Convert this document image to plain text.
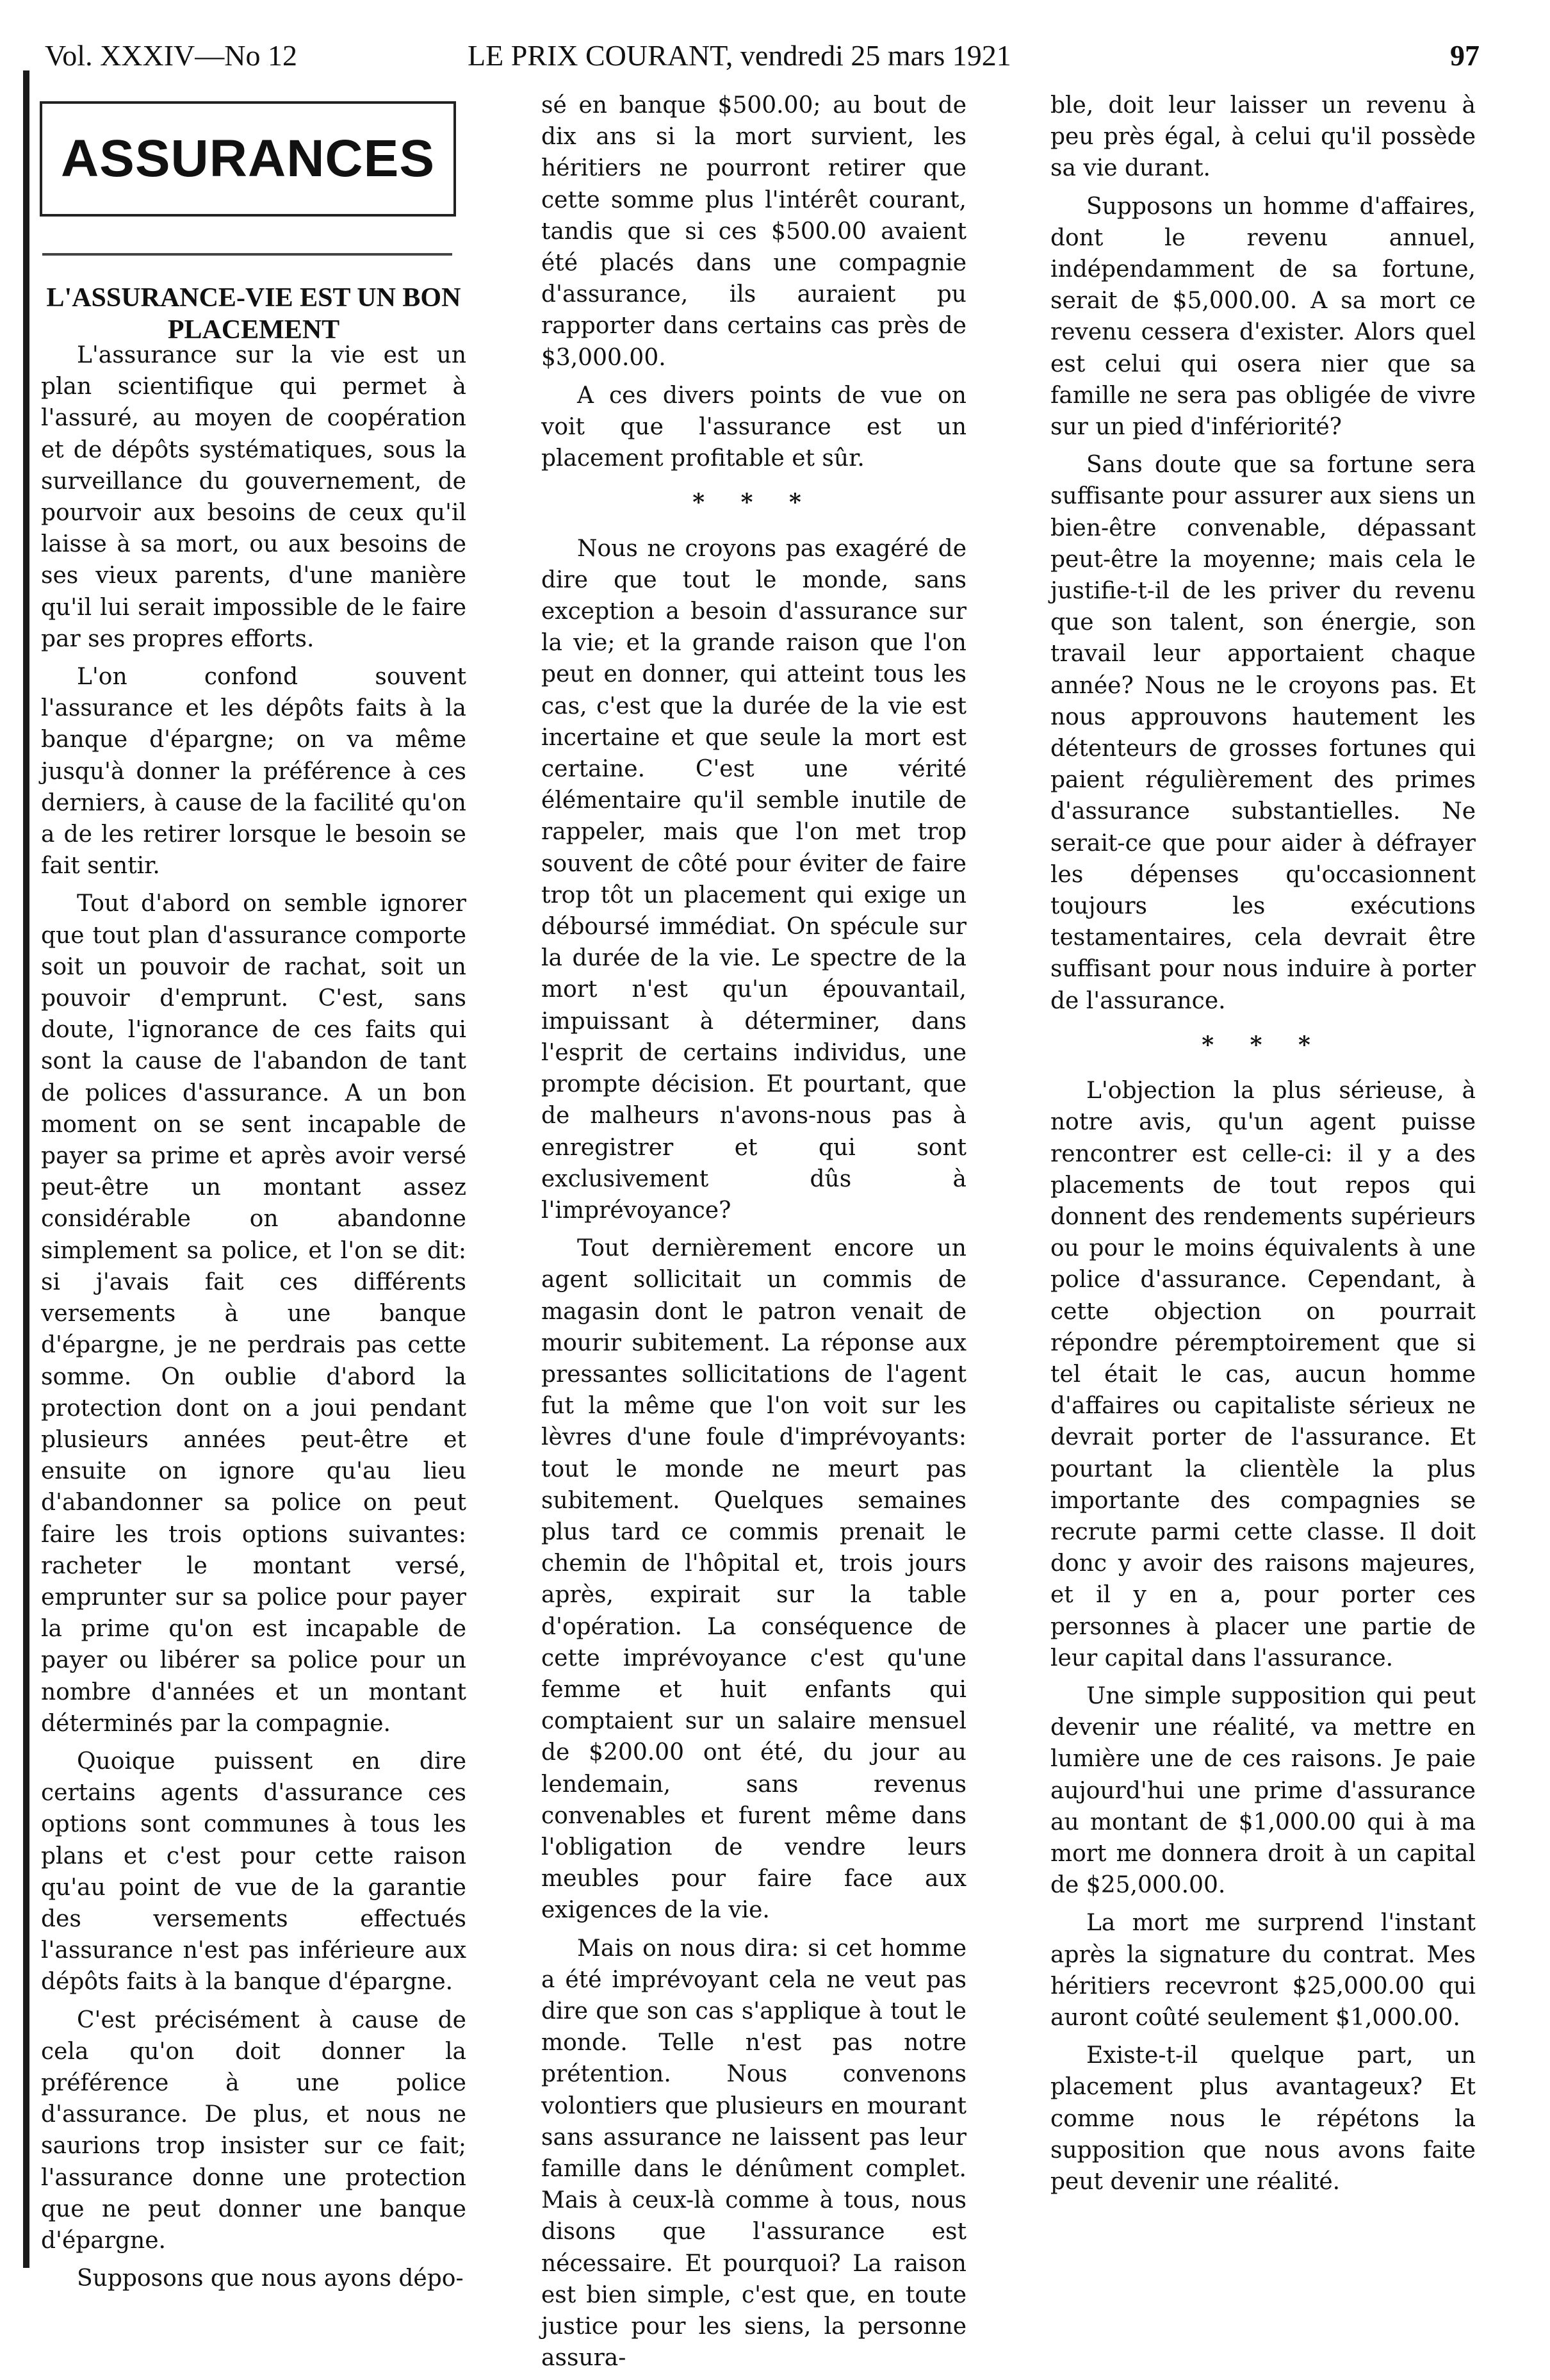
Vol. XXXIV—No 12	LE PRIX COURANT, vendredi 25 mars 1921	97
ASSURANCES
L'ASSURANCE-VIE EST UN BON PLACEMENT

L'assurance sur la vie est un plan scientifique qui permet à l'assuré, au moyen de coopération et de dépôts systématiques, sous la surveillance du gouvernement, de pourvoir aux besoins de ceux qu'il laisse à sa mort, ou aux besoins de ses vieux parents, d'une manière qu'il lui serait impossible de le faire par ses propres efforts.

L'on confond souvent l'assurance et les dépôts faits à la banque d'épargne; on va même jusqu'à donner la préférence à ces derniers, à cause de la facilité qu'on a de les retirer lorsque le besoin se fait sentir.

Tout d'abord on semble ignorer que tout plan d'assurance comporte soit un pouvoir de rachat, soit un pouvoir d'emprunt. C'est, sans doute, l'ignorance de ces faits qui sont la cause de l'abandon de tant de polices d'assurance. A un bon moment on se sent incapable de payer sa prime et après avoir versé peut-être un montant assez considérable on abandonne simplement sa police, et l'on se dit: si j'avais fait ces différents versements à une banque d'épargne, je ne perdrais pas cette somme. On oublie d'abord la protection dont on a joui pendant plusieurs années peut-être et ensuite on ignore qu'au lieu d'abandonner sa police on peut faire les trois options suivantes: racheter le montant versé, emprunter sur sa police pour payer la prime qu'on est incapable de payer ou libérer sa police pour un nombre d'années et un montant déterminés par la compagnie.

Quoique puissent en dire certains agents d'assurance ces options sont communes à tous les plans et c'est pour cette raison qu'au point de vue de la garantie des versements effectués l'assurance n'est pas inférieure aux dépôts faits à la banque d'épargne.

C'est précisément à cause de cela qu'on doit donner la préférence à une police d'assurance. De plus, et nous ne saurions trop insister sur ce fait; l'assurance donne une protection que ne peut donner une banque d'épargne.

Supposons que nous ayons dépo-

sé en banque $500.00; au bout de dix ans si la mort survient, les héritiers ne pourront retirer que cette somme plus l'intérêt courant, tandis que si ces $500.00 avaient été placés dans une compagnie d'assurance, ils auraient pu rapporter dans certains cas près de $3,000.00.

A ces divers points de vue on voit que l'assurance est un placement profitable et sûr.

* * *

Nous ne croyons pas exagéré de dire que tout le monde, sans exception a besoin d'assurance sur la vie; et la grande raison que l'on peut en donner, qui atteint tous les cas, c'est que la durée de la vie est incertaine et que seule la mort est certaine. C'est une vérité élémentaire qu'il semble inutile de rappeler, mais que l'on met trop souvent de côté pour éviter de faire trop tôt un placement qui exige un déboursé immédiat. On spécule sur la durée de la vie. Le spectre de la mort n'est qu'un épouvantail, impuissant à déterminer, dans l'esprit de certains individus, une prompte décision. Et pourtant, que de malheurs n'avons-nous pas à enregistrer et qui sont exclusivement dûs à l'imprévoyance?

Tout dernièrement encore un agent sollicitait un commis de magasin dont le patron venait de mourir subitement. La réponse aux pressantes sollicitations de l'agent fut la même que l'on voit sur les lèvres d'une foule d'imprévoyants: tout le monde ne meurt pas subitement. Quelques semaines plus tard ce commis prenait le chemin de l'hôpital et, trois jours après, expirait sur la table d'opération. La conséquence de cette imprévoyance c'est qu'une femme et huit enfants qui comptaient sur un salaire mensuel de $200.00 ont été, du jour au lendemain, sans revenus convenables et furent même dans l'obligation de vendre leurs meubles pour faire face aux exigences de la vie.

Mais on nous dira: si cet homme a été imprévoyant cela ne veut pas dire que son cas s'applique à tout le monde. Telle n'est pas notre prétention. Nous convenons volontiers que plusieurs en mourant sans assurance ne laissent pas leur famille dans le dénûment complet. Mais à ceux-là comme à tous, nous disons que l'assurance est nécessaire. Et pourquoi? La raison est bien simple, c'est que, en toute justice pour les siens, la personne assura-

ble, doit leur laisser un revenu à peu près égal, à celui qu'il possède sa vie durant.

Supposons un homme d'affaires, dont le revenu annuel, indépendamment de sa fortune, serait de $5,000.00. A sa mort ce revenu cessera d'exister. Alors quel est celui qui osera nier que sa famille ne sera pas obligée de vivre sur un pied d'infériorité?

Sans doute que sa fortune sera suffisante pour assurer aux siens un bien-être convenable, dépassant peut-être la moyenne; mais cela le justifie-t-il de les priver du revenu que son talent, son énergie, son travail leur apportaient chaque année? Nous ne le croyons pas. Et nous approuvons hautement les détenteurs de grosses fortunes qui paient régulièrement des primes d'assurance substantielles. Ne serait-ce que pour aider à défrayer les dépenses qu'occasionnent toujours les exécutions testamentaires, cela devrait être suffisant pour nous induire à porter de l'assurance.

* * *

L'objection la plus sérieuse, à notre avis, qu'un agent puisse rencontrer est celle-ci: il y a des placements de tout repos qui donnent des rendements supérieurs ou pour le moins équivalents à une police d'assurance. Cependant, à cette objection on pourrait répondre péremptoirement que si tel était le cas, aucun homme d'affaires ou capitaliste sérieux ne devrait porter de l'assurance. Et pourtant la clientèle la plus importante des compagnies se recrute parmi cette classe. Il doit donc y avoir des raisons majeures, et il y en a, pour porter ces personnes à placer une partie de leur capital dans l'assurance.

Une simple supposition qui peut devenir une réalité, va mettre en lumière une de ces raisons. Je paie aujourd'hui une prime d'assurance au montant de $1,000.00 qui à ma mort me donnera droit à un capital de $25,000.00.

La mort me surprend l'instant après la signature du contrat. Mes héritiers recevront $25,000.00 qui auront coûté seulement $1,000.00.

Existe-t-il quelque part, un placement plus avantageux? Et comme nous le répétons la supposition que nous avons faite peut devenir une réalité.
